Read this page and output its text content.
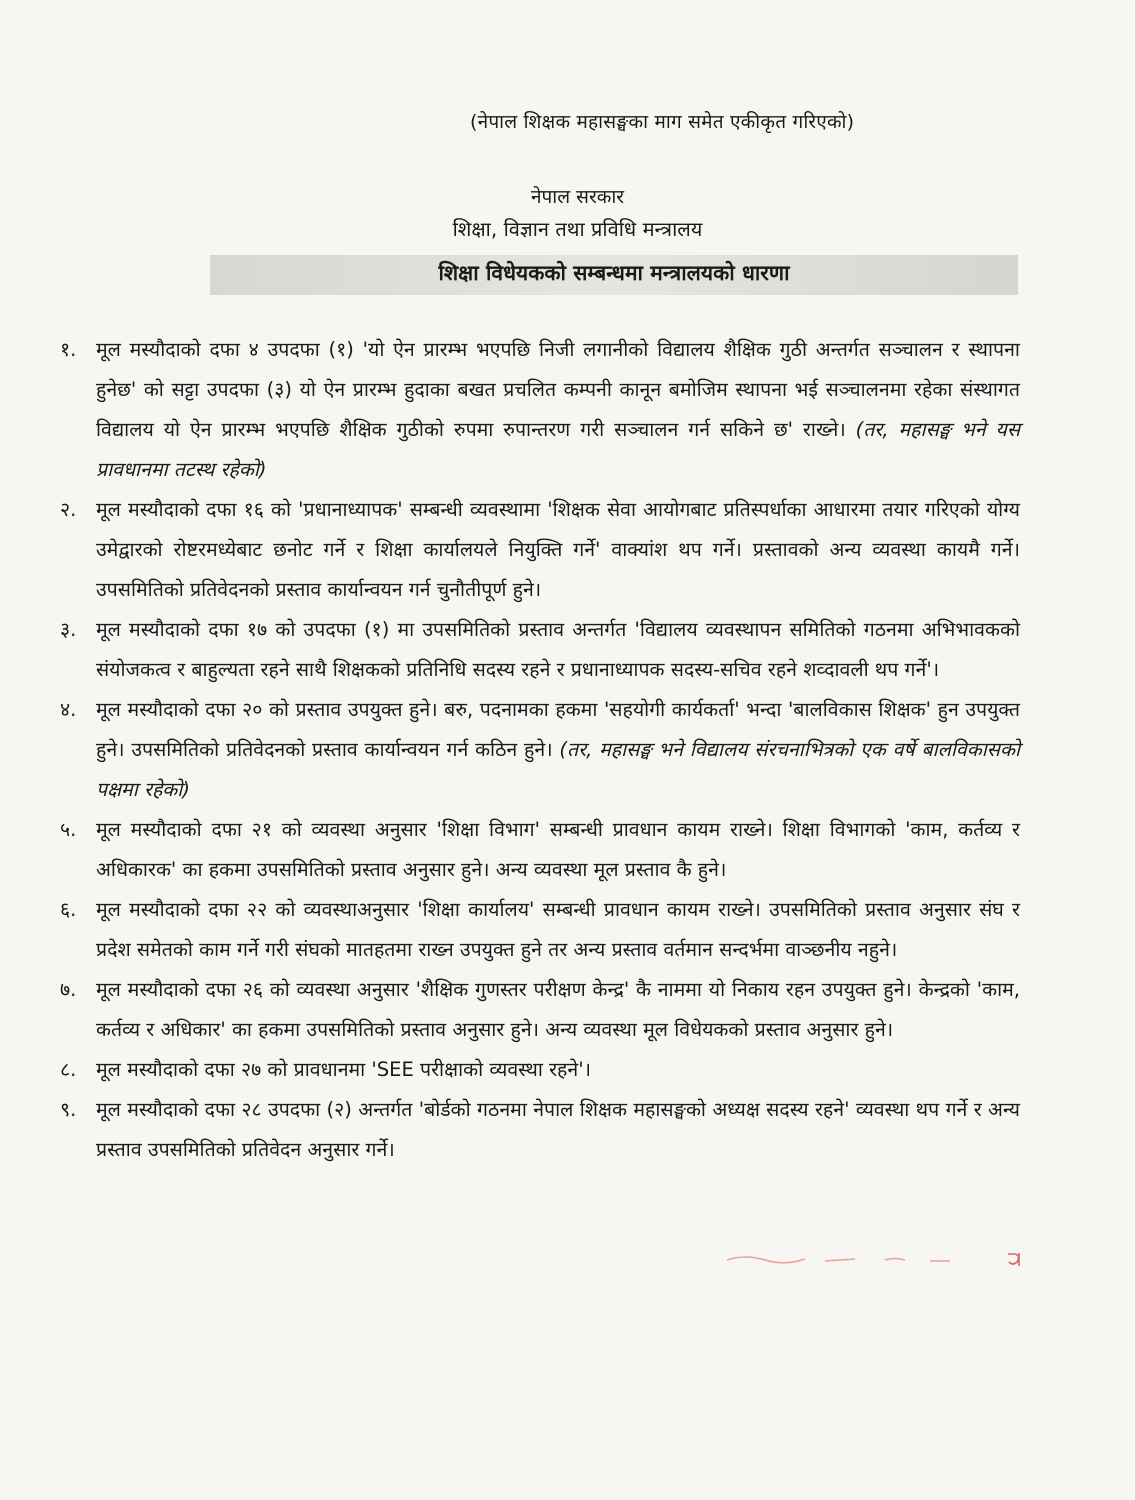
(नेपाल शिक्षक महासङ्घका माग समेत एकीकृत गरिएको)
नेपाल सरकार
शिक्षा, विज्ञान तथा प्रविधि मन्त्रालय
शिक्षा विधेयकको सम्बन्धमा मन्त्रालयको धारणा
१.	मूल मस्यौदाको दफा ४ उपदफा (१) 'यो ऐन प्रारम्भ भएपछि निजी लगानीको विद्यालय शैक्षिक गुठी अन्तर्गत सञ्चालन र स्थापना हुनेछ' को सट्टा उपदफा (३) यो ऐन प्रारम्भ हुदाका बखत प्रचलित कम्पनी कानून बमोजिम स्थापना भई सञ्चालनमा रहेका संस्थागत विद्यालय यो ऐन प्रारम्भ भएपछि शैक्षिक गुठीको रुपमा रुपान्तरण गरी सञ्चालन गर्न सकिने छ' राख्ने। (तर, महासङ्घ भने यस प्रावधानमा तटस्थ रहेको)
२.	मूल मस्यौदाको दफा १६ को 'प्रधानाध्यापक' सम्बन्धी व्यवस्थामा 'शिक्षक सेवा आयोगबाट प्रतिस्पर्धाका आधारमा तयार गरिएको योग्य उमेद्वारको रोष्टरमध्येबाट छनोट गर्ने र शिक्षा कार्यालयले नियुक्ति गर्ने' वाक्यांश थप गर्ने। प्रस्तावको अन्य व्यवस्था कायमै गर्ने। उपसमितिको प्रतिवेदनको प्रस्ताव कार्यान्वयन गर्न चुनौतीपूर्ण हुने।
३.	मूल मस्यौदाको दफा १७ को उपदफा (१) मा उपसमितिको प्रस्ताव अन्तर्गत 'विद्यालय व्यवस्थापन समितिको गठनमा अभिभावकको संयोजकत्व र बाहुल्यता रहने साथै शिक्षकको प्रतिनिधि सदस्य रहने र प्रधानाध्यापक सदस्य-सचिव रहने शव्दावली थप गर्ने'।
४.	मूल मस्यौदाको दफा २० को प्रस्ताव उपयुक्त हुने। बरु, पदनामका हकमा 'सहयोगी कार्यकर्ता' भन्दा 'बालविकास शिक्षक' हुन उपयुक्त हुने। उपसमितिको प्रतिवेदनको प्रस्ताव कार्यान्वयन गर्न कठिन हुने। (तर, महासङ्घ भने विद्यालय संरचनाभित्रको एक वर्षे बालविकासको पक्षमा रहेको)
५.	मूल मस्यौदाको दफा २१ को व्यवस्था अनुसार 'शिक्षा विभाग' सम्बन्धी प्रावधान कायम राख्ने। शिक्षा विभागको 'काम, कर्तव्य र अधिकारक' का हकमा उपसमितिको प्रस्ताव अनुसार हुने। अन्य व्यवस्था मूल प्रस्ताव कै हुने।
६.	मूल मस्यौदाको दफा २२ को व्यवस्थाअनुसार 'शिक्षा कार्यालय' सम्बन्धी प्रावधान कायम राख्ने। उपसमितिको प्रस्ताव अनुसार संघ र प्रदेश समेतको काम गर्ने गरी संघको मातहतमा राख्न उपयुक्त हुने तर अन्य प्रस्ताव वर्तमान सन्दर्भमा वाञ्छनीय नहुने।
७.	मूल मस्यौदाको दफा २६ को व्यवस्था अनुसार 'शैक्षिक गुणस्तर परीक्षण केन्द्र' कै नाममा यो निकाय रहन उपयुक्त हुने। केन्द्रको 'काम, कर्तव्य र अधिकार' का हकमा उपसमितिको प्रस्ताव अनुसार हुने। अन्य व्यवस्था मूल विधेयकको प्रस्ताव अनुसार हुने।
८.	मूल मस्यौदाको दफा २७ को प्रावधानमा 'SEE परीक्षाको व्यवस्था रहने'।
९.	मूल मस्यौदाको दफा २८ उपदफा (२) अन्तर्गत 'बोर्डको गठनमा नेपाल शिक्षक महासङ्घको अध्यक्ष सदस्य रहने' व्यवस्था थप गर्ने र अन्य प्रस्ताव उपसमितिको प्रतिवेदन अनुसार गर्ने।
